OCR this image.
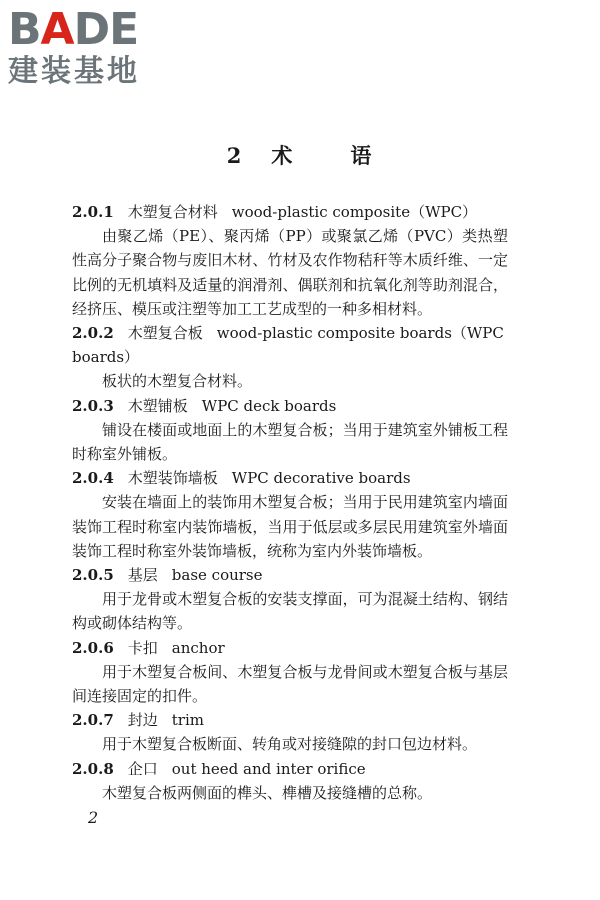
BADE

建装基地

2 术	语

2.0.1 木塑复合材料 wood-plastic composite（WPC）

由聚乙烯（PE）、聚丙烯（PP）或聚氯乙烯（PVC）类热塑性高分子聚合物与废旧木材、竹材及农作物秸秆等木质纤维、一定比例的无机填料及适量的润滑剂、偶联剂和抗氧化剂等助剂混合，经挤压、模压或注塑等加工工艺成型的一种多相材料。

2.0.2 木塑复合板 wood-plastic composite boards（WPC boards）

板状的木塑复合材料。

2.0.3 木塑铺板 WPC deck boards

铺设在楼面或地面上的木塑复合板；当用于建筑室外铺板工程时称室外铺板。

2.0.4 木塑装饰墙板 WPC decorative boards

安装在墙面上的装饰用木塑复合板；当用于民用建筑室内墙面装饰工程时称室内装饰墙板，当用于低层或多层民用建筑室外墙面装饰工程时称室外装饰墙板，统称为室内外装饰墙板。

2.0.5 基层 base course

用于龙骨或木塑复合板的安装支撑面，可为混凝土结构、钢结构或砌体结构等。

2.0.6 卡扣 anchor

用于木塑复合板间、木塑复合板与龙骨间或木塑复合板与基层间连接固定的扣件。

2.0.7 封边 trim

用于木塑复合板断面、转角或对接缝隙的封口包边材料。

2.0.8 企口 out heed and inter orifice

木塑复合板两侧面的榫头、榫槽及接缝槽的总称。

2
